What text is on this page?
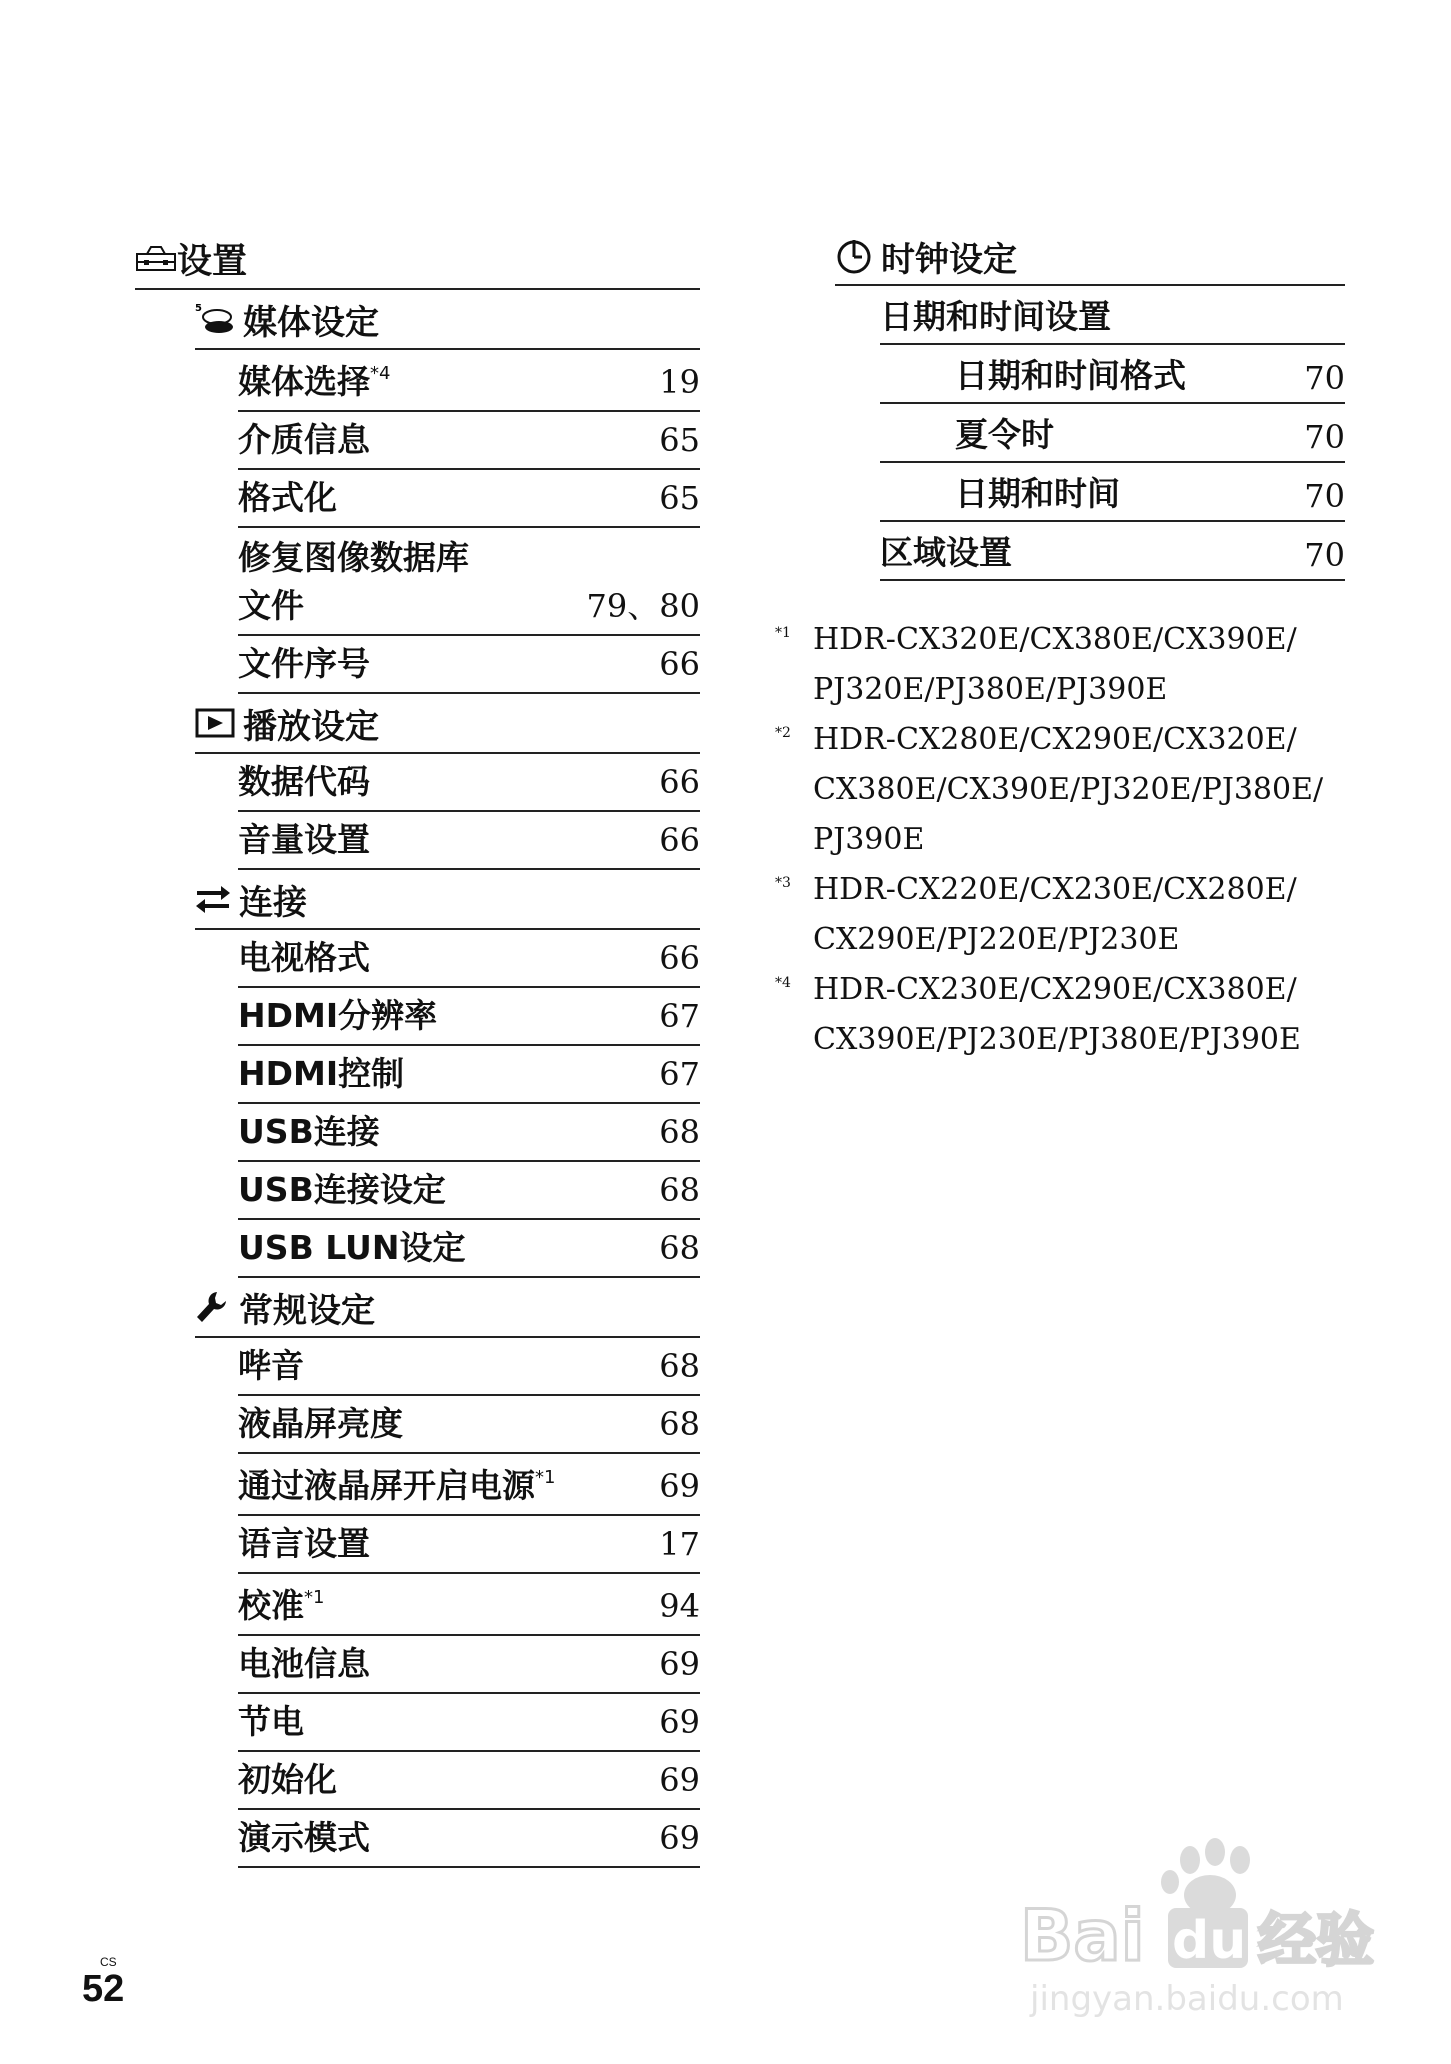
设置
5 媒体设定
媒体选择$^{*4}$	19
介质信息	65
格式化	65
修复图像数据库
文件	79、80
文件序号	66
播放设定
数据代码	66
音量设置	66
连接
电视格式	66
HDMI分辨率	67
HDMI控制	67
USB连接	68
USB连接设定	68
USB LUN设定	68
常规设定
哔音	68
液晶屏亮度	68
通过液晶屏开启电源$^{*1}$	69
语言设置	17
校准$^{*1}$	94
电池信息	69
节电	69
初始化	69
演示模式	69
时钟设定
日期和时间设置
日期和时间格式	70
夏令时	70
日期和时间	70
区域设置	70
*1 HDR-CX320E/CX380E/CX390E/
PJ320E/PJ380E/PJ390E
*2 HDR-CX280E/CX290E/CX320E/
CX380E/CX390E/PJ320E/PJ380E/
PJ390E
*3 HDR-CX220E/CX230E/CX280E/
CX290E/PJ220E/PJ230E
*4 HDR-CX230E/CX290E/CX380E/
CX390E/PJ230E/PJ380E/PJ390E
CS
52
Bai du 经验
jingyan.baidu.com
